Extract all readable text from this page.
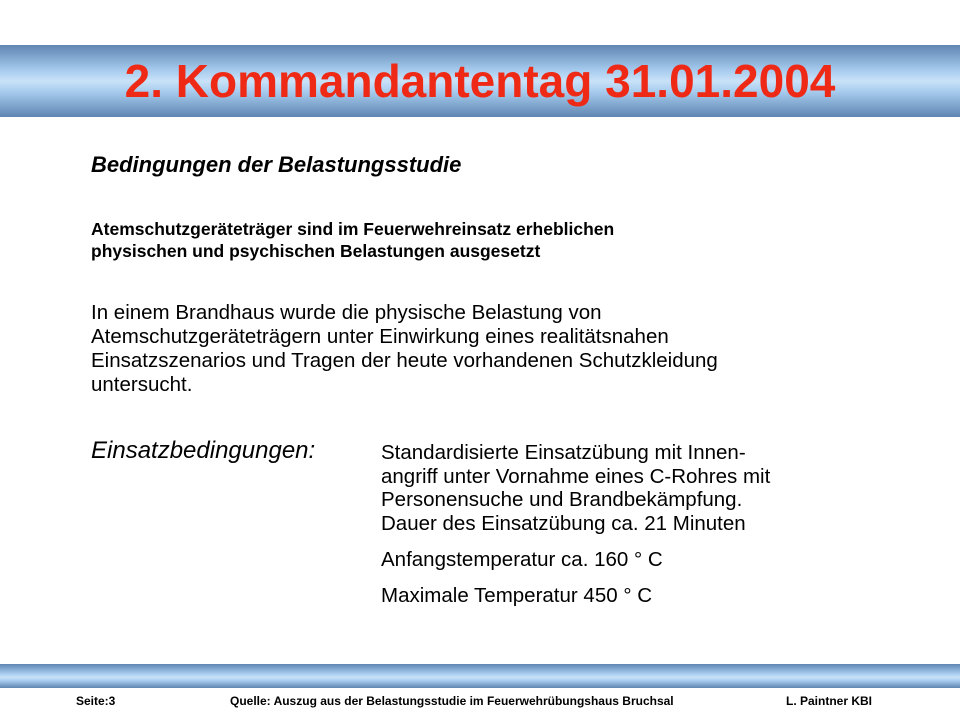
2. Kommandantentag 31.01.2004
Bedingungen der Belastungsstudie
Atemschutzgeräteträger sind im Feuerwehreinsatz erheblichen
physischen und psychischen Belastungen ausgesetzt
In einem Brandhaus wurde die physische Belastung von
Atemschutzgeräteträgern unter Einwirkung eines realitätsnahen
Einsatzszenarios und Tragen der heute vorhandenen Schutzkleidung
untersucht.
Einsatzbedingungen:	Standardisierte Einsatzübung mit Innen-
angriff unter Vornahme eines C-Rohres mit
Personensuche und Brandbekämpfung.
Dauer des Einsatzübung ca. 21 Minuten
Anfangstemperatur ca. 160 ° C
Maximale Temperatur 450 ° C
Seite:3	Quelle: Auszug aus der Belastungsstudie im Feuerwehrübungshaus Bruchsal	L. Paintner KBI
